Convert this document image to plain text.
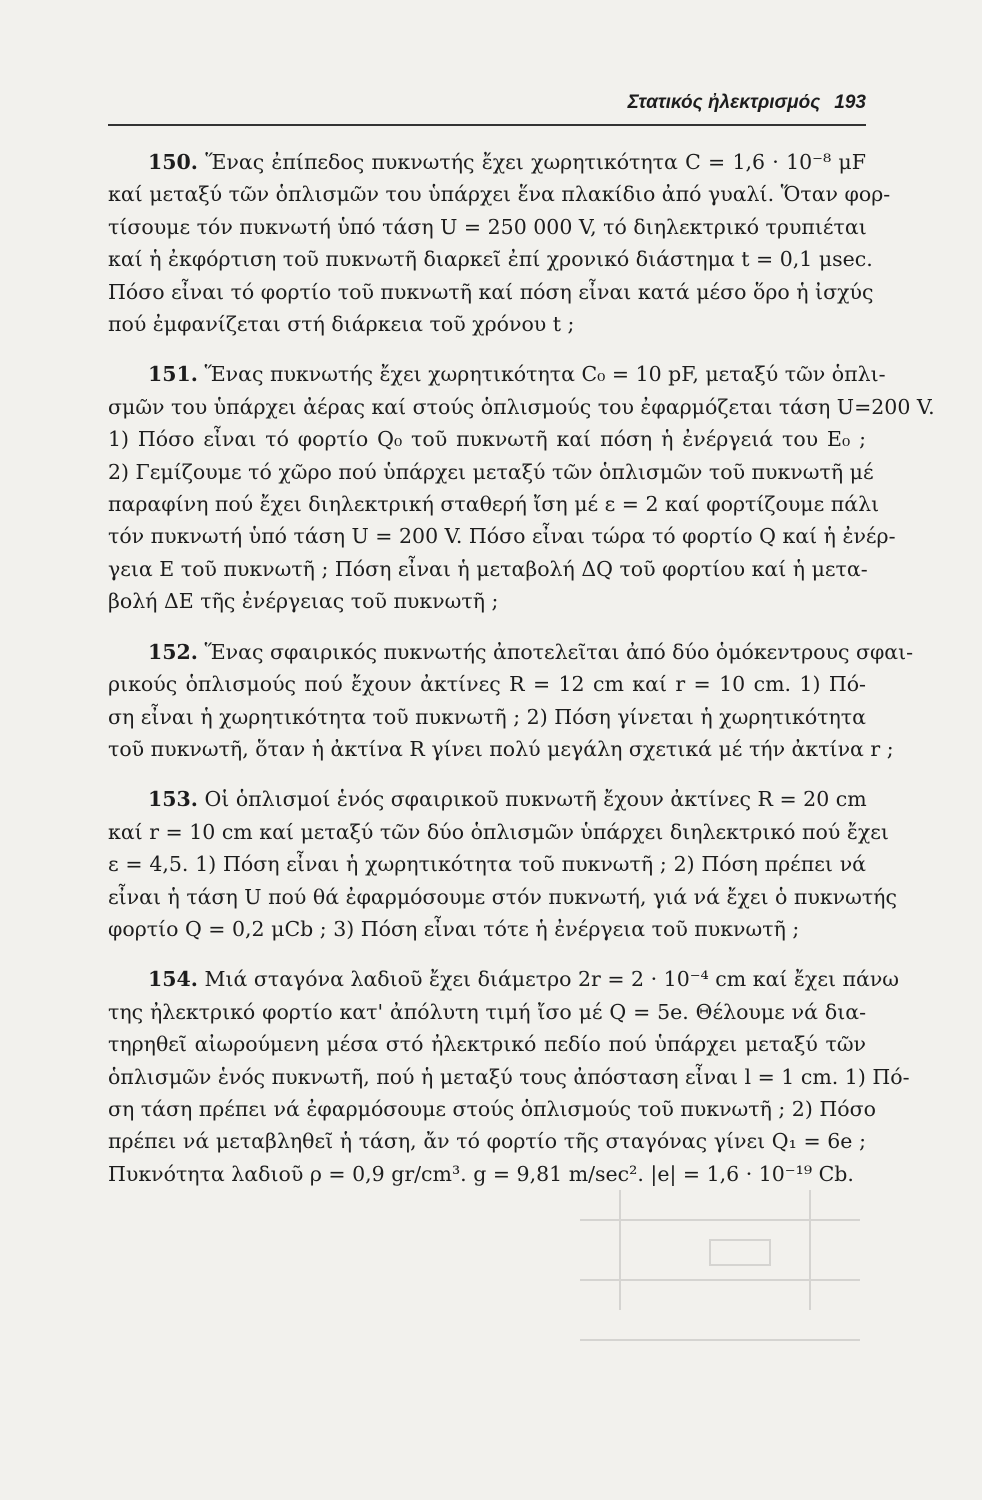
Στατικός ἠλεκτρισμός 193
150. Ἕνας ἐπίπεδος πυκνωτής ἔχει χωρητικότητα C = 1,6 · 10⁻⁸ μF
καί μεταξύ τῶν ὁπλισμῶν του ὑπάρχει ἕνα πλακίδιο ἀπό γυαλί. Ὅταν φορ-
τίσουμε τόν πυκνωτή ὑπό τάση U = 250 000 V, τό διηλεκτρικό τρυπιέται
καί ἡ ἐκφόρτιση τοῦ πυκνωτῆ διαρκεῖ ἐπί χρονικό διάστημα t = 0,1 μsec.
Πόσο εἶναι τό φορτίο τοῦ πυκνωτῆ καί πόση εἶναι κατά μέσο ὅρο ἡ ἰσχύς
πού ἐμφανίζεται στή διάρκεια τοῦ χρόνου t ;
151. Ἕνας πυκνωτής ἔχει χωρητικότητα C₀ = 10 pF, μεταξύ τῶν ὁπλι-
σμῶν του ὑπάρχει ἀέρας καί στούς ὁπλισμούς του ἐφαρμόζεται τάση U=200 V.
1) Πόσο εἶναι τό φορτίο Q₀ τοῦ πυκνωτῆ καί πόση ἡ ἐνέργειά του E₀ ;
2) Γεμίζουμε τό χῶρο πού ὑπάρχει μεταξύ τῶν ὁπλισμῶν τοῦ πυκνωτῆ μέ
παραφίνη πού ἔχει διηλεκτρική σταθερή ἴση μέ ε = 2 καί φορτίζουμε πάλι
τόν πυκνωτή ὑπό τάση U = 200 V. Πόσο εἶναι τώρα τό φορτίο Q καί ἡ ἐνέρ-
γεια E τοῦ πυκνωτῆ ; Πόση εἶναι ἡ μεταβολή ΔQ τοῦ φορτίου καί ἡ μετα-
βολή ΔE τῆς ἐνέργειας τοῦ πυκνωτῆ ;
152. Ἕνας σφαιρικός πυκνωτής ἀποτελεῖται ἀπό δύο ὁμόκεντρους σφαι-
ρικούς ὁπλισμούς πού ἔχουν ἀκτίνες R = 12 cm καί r = 10 cm. 1) Πό-
ση εἶναι ἡ χωρητικότητα τοῦ πυκνωτῆ ; 2) Πόση γίνεται ἡ χωρητικότητα
τοῦ πυκνωτῆ, ὅταν ἡ ἀκτίνα R γίνει πολύ μεγάλη σχετικά μέ τήν ἀκτίνα r ;
153. Οἱ ὁπλισμοί ἑνός σφαιρικοῦ πυκνωτῆ ἔχουν ἀκτίνες R = 20 cm
καί r = 10 cm καί μεταξύ τῶν δύο ὁπλισμῶν ὑπάρχει διηλεκτρικό πού ἔχει
ε = 4,5. 1) Πόση εἶναι ἡ χωρητικότητα τοῦ πυκνωτῆ ; 2) Πόση πρέπει νά
εἶναι ἡ τάση U πού θά ἐφαρμόσουμε στόν πυκνωτή, γιά νά ἔχει ὁ πυκνωτής
φορτίο Q = 0,2 μCb ; 3) Πόση εἶναι τότε ἡ ἐνέργεια τοῦ πυκνωτῆ ;
154. Μιά σταγόνα λαδιοῦ ἔχει διάμετρο 2r = 2 · 10⁻⁴ cm καί ἔχει πάνω
της ἠλεκτρικό φορτίο κατ' ἀπόλυτη τιμή ἴσο μέ Q = 5e. Θέλουμε νά δια-
τηρηθεῖ αἰωρούμενη μέσα στό ἠλεκτρικό πεδίο πού ὑπάρχει μεταξύ τῶν
ὁπλισμῶν ἑνός πυκνωτῆ, πού ἡ μεταξύ τους ἀπόσταση εἶναι l = 1 cm. 1) Πό-
ση τάση πρέπει νά ἐφαρμόσουμε στούς ὁπλισμούς τοῦ πυκνωτῆ ; 2) Πόσο
πρέπει νά μεταβληθεῖ ἡ τάση, ἄν τό φορτίο τῆς σταγόνας γίνει Q₁ = 6e ;
Πυκνότητα λαδιοῦ ρ = 0,9 gr/cm³. g = 9,81 m/sec². |e| = 1,6 · 10⁻¹⁹ Cb.
